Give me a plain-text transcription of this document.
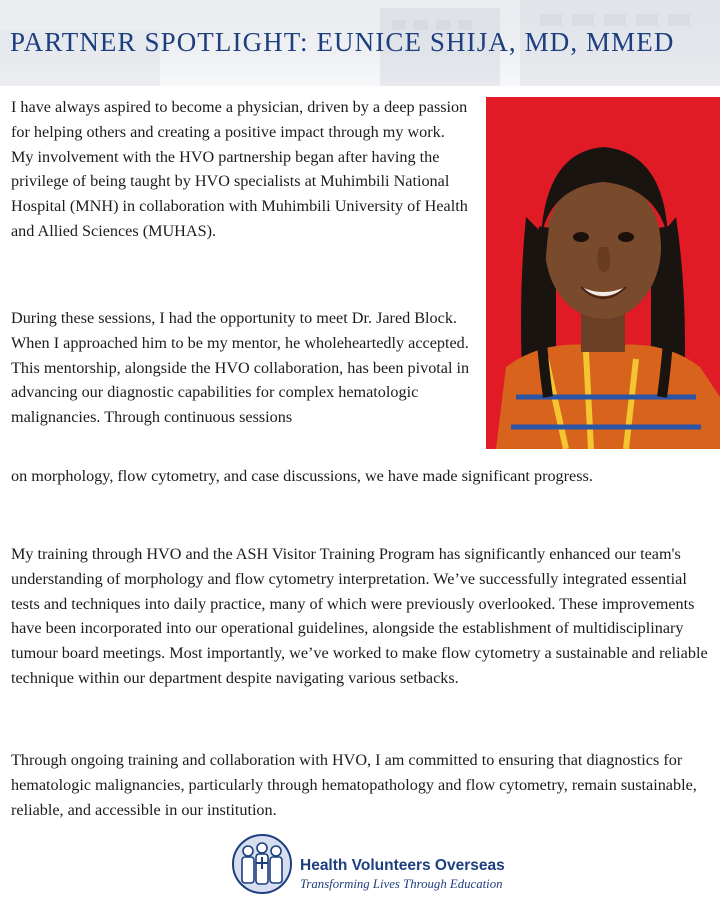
PARTNER SPOTLIGHT: EUNICE SHIJA, MD, MMED

I have always aspired to become a physician, driven by a deep passion for helping others and creating a positive impact through my work. My involvement with the HVO partnership began after having the privilege of being taught by HVO specialists at Muhimbili National Hospital (MNH) in collaboration with Muhimbili University of Health and Allied Sciences (MUHAS).

During these sessions, I had the opportunity to meet Dr. Jared Block. When I approached him to be my mentor, he wholeheartedly accepted. This mentorship, alongside the HVO collaboration, has been pivotal in advancing our diagnostic capabilities for complex hematologic malignancies. Through continuous sessions

on morphology, flow cytometry, and case discussions, we have made significant progress.

My training through HVO and the ASH Visitor Training Program has significantly enhanced our team's understanding of morphology and flow cytometry interpretation. We’ve successfully integrated essential tests and techniques into daily practice, many of which were previously overlooked. These improvements have been incorporated into our operational guidelines, alongside the establishment of multidisciplinary tumour board meetings. Most importantly, we’ve worked to make flow cytometry a sustainable and reliable technique within our department despite navigating various setbacks.

Through ongoing training and collaboration with HVO, I am committed to ensuring that diagnostics for hematologic malignancies, particularly through hematopathology and flow cytometry, remain sustainable, reliable, and accessible in our institution.

Health Volunteers Overseas

Transforming Lives Through Education
